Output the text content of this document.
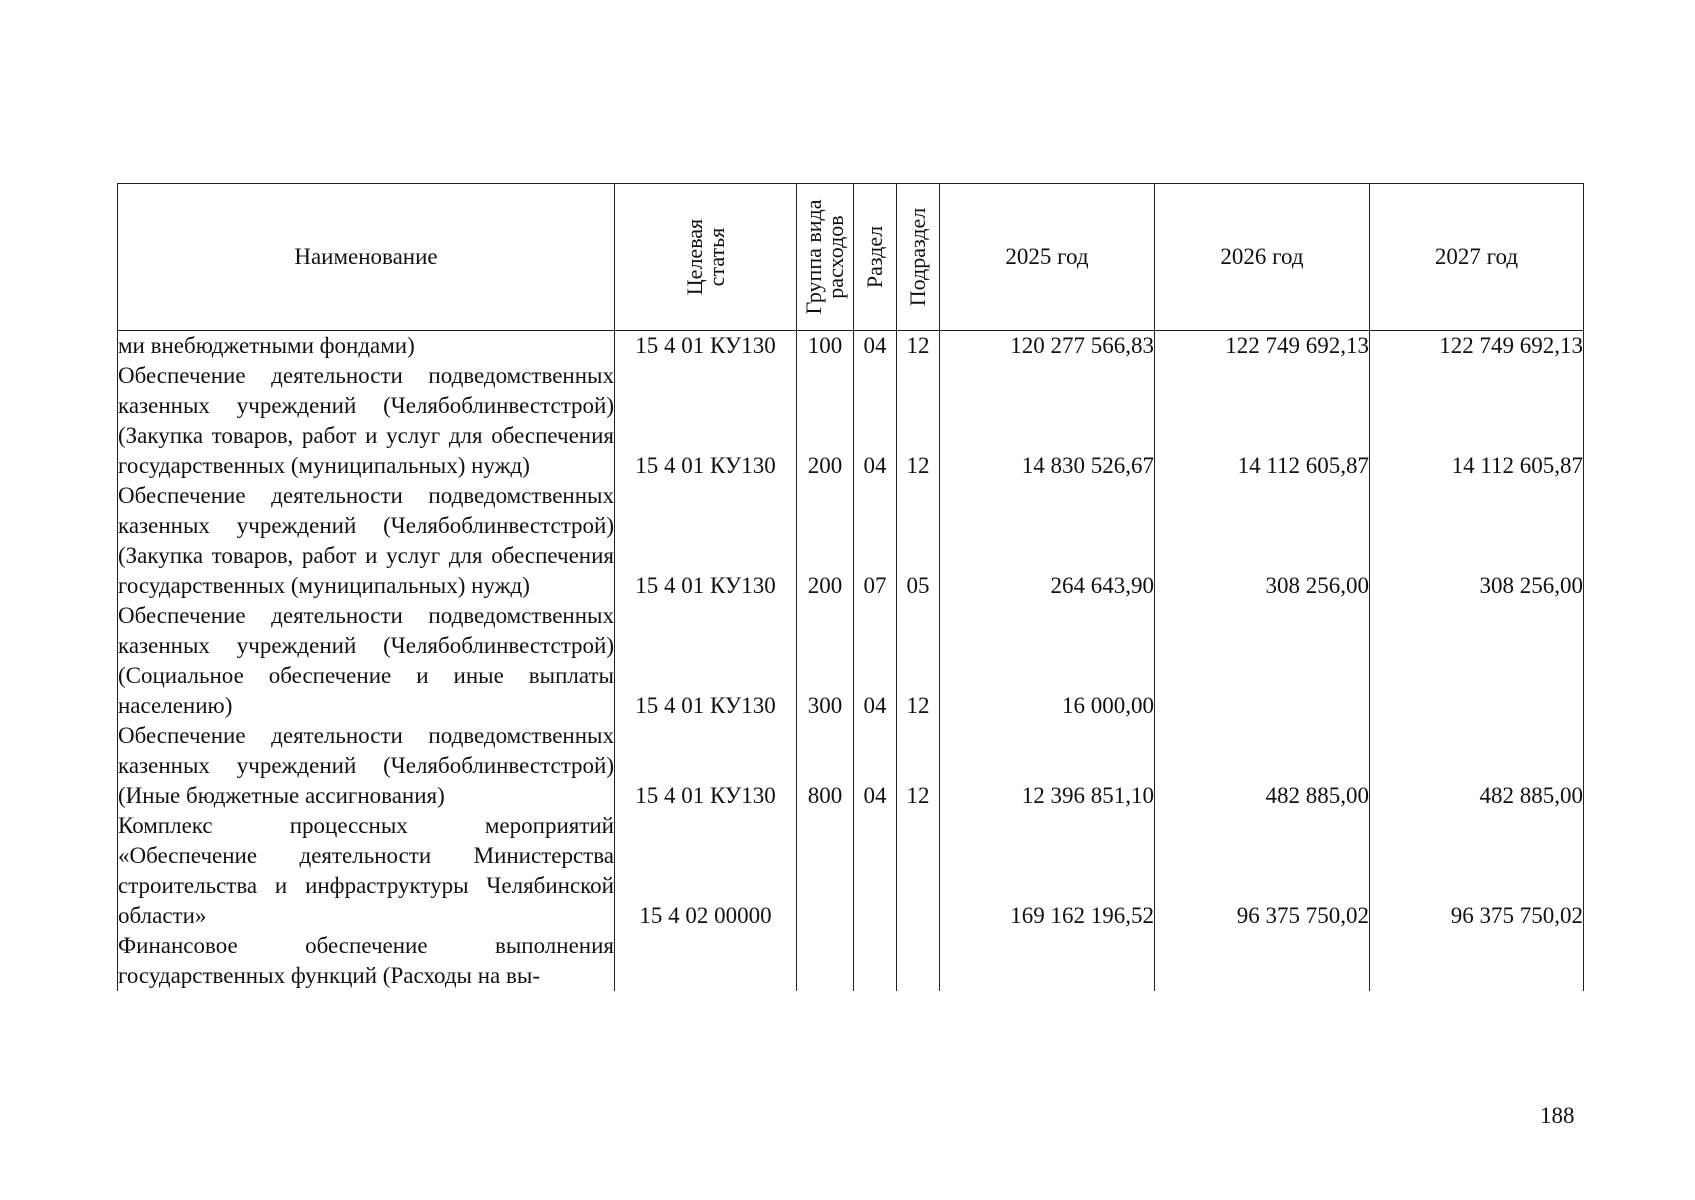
Наименование	Целевая статья	Группа вида расходов	Раздел	Подраздел	2025 год	2026 год	2027 год
ми внебюджетными фондами)	15 4 01 КУ130	100	04	12	120 277 566,83	122 749 692,13	122 749 692,13
Обеспечение деятельности подведомственных казенных учреждений (Челябоблинвестстрой) (Закупка товаров, работ и услуг для обеспечения государственных (муниципальных) нужд)	15 4 01 КУ130	200	04	12	14 830 526,67	14 112 605,87	14 112 605,87
Обеспечение деятельности подведомственных казенных учреждений (Челябоблинвестстрой) (Закупка товаров, работ и услуг для обеспечения государственных (муниципальных) нужд)	15 4 01 КУ130	200	07	05	264 643,90	308 256,00	308 256,00
Обеспечение деятельности подведомственных казенных учреждений (Челябоблинвестстрой) (Социальное обеспечение и иные выплаты населению)	15 4 01 КУ130	300	04	12	16 000,00		
Обеспечение деятельности подведомственных казенных учреждений (Челябоблинвестстрой) (Иные бюджетные ассигнования)	15 4 01 КУ130	800	04	12	12 396 851,10	482 885,00	482 885,00
Комплекс процессных мероприятий «Обеспечение деятельности Министерства строительства и инфраструктуры Челябинской области»	15 4 02 00000				169 162 196,52	96 375 750,02	96 375 750,02
Финансовое обеспечение выполнения государственных функций (Расходы на вы-							
188
